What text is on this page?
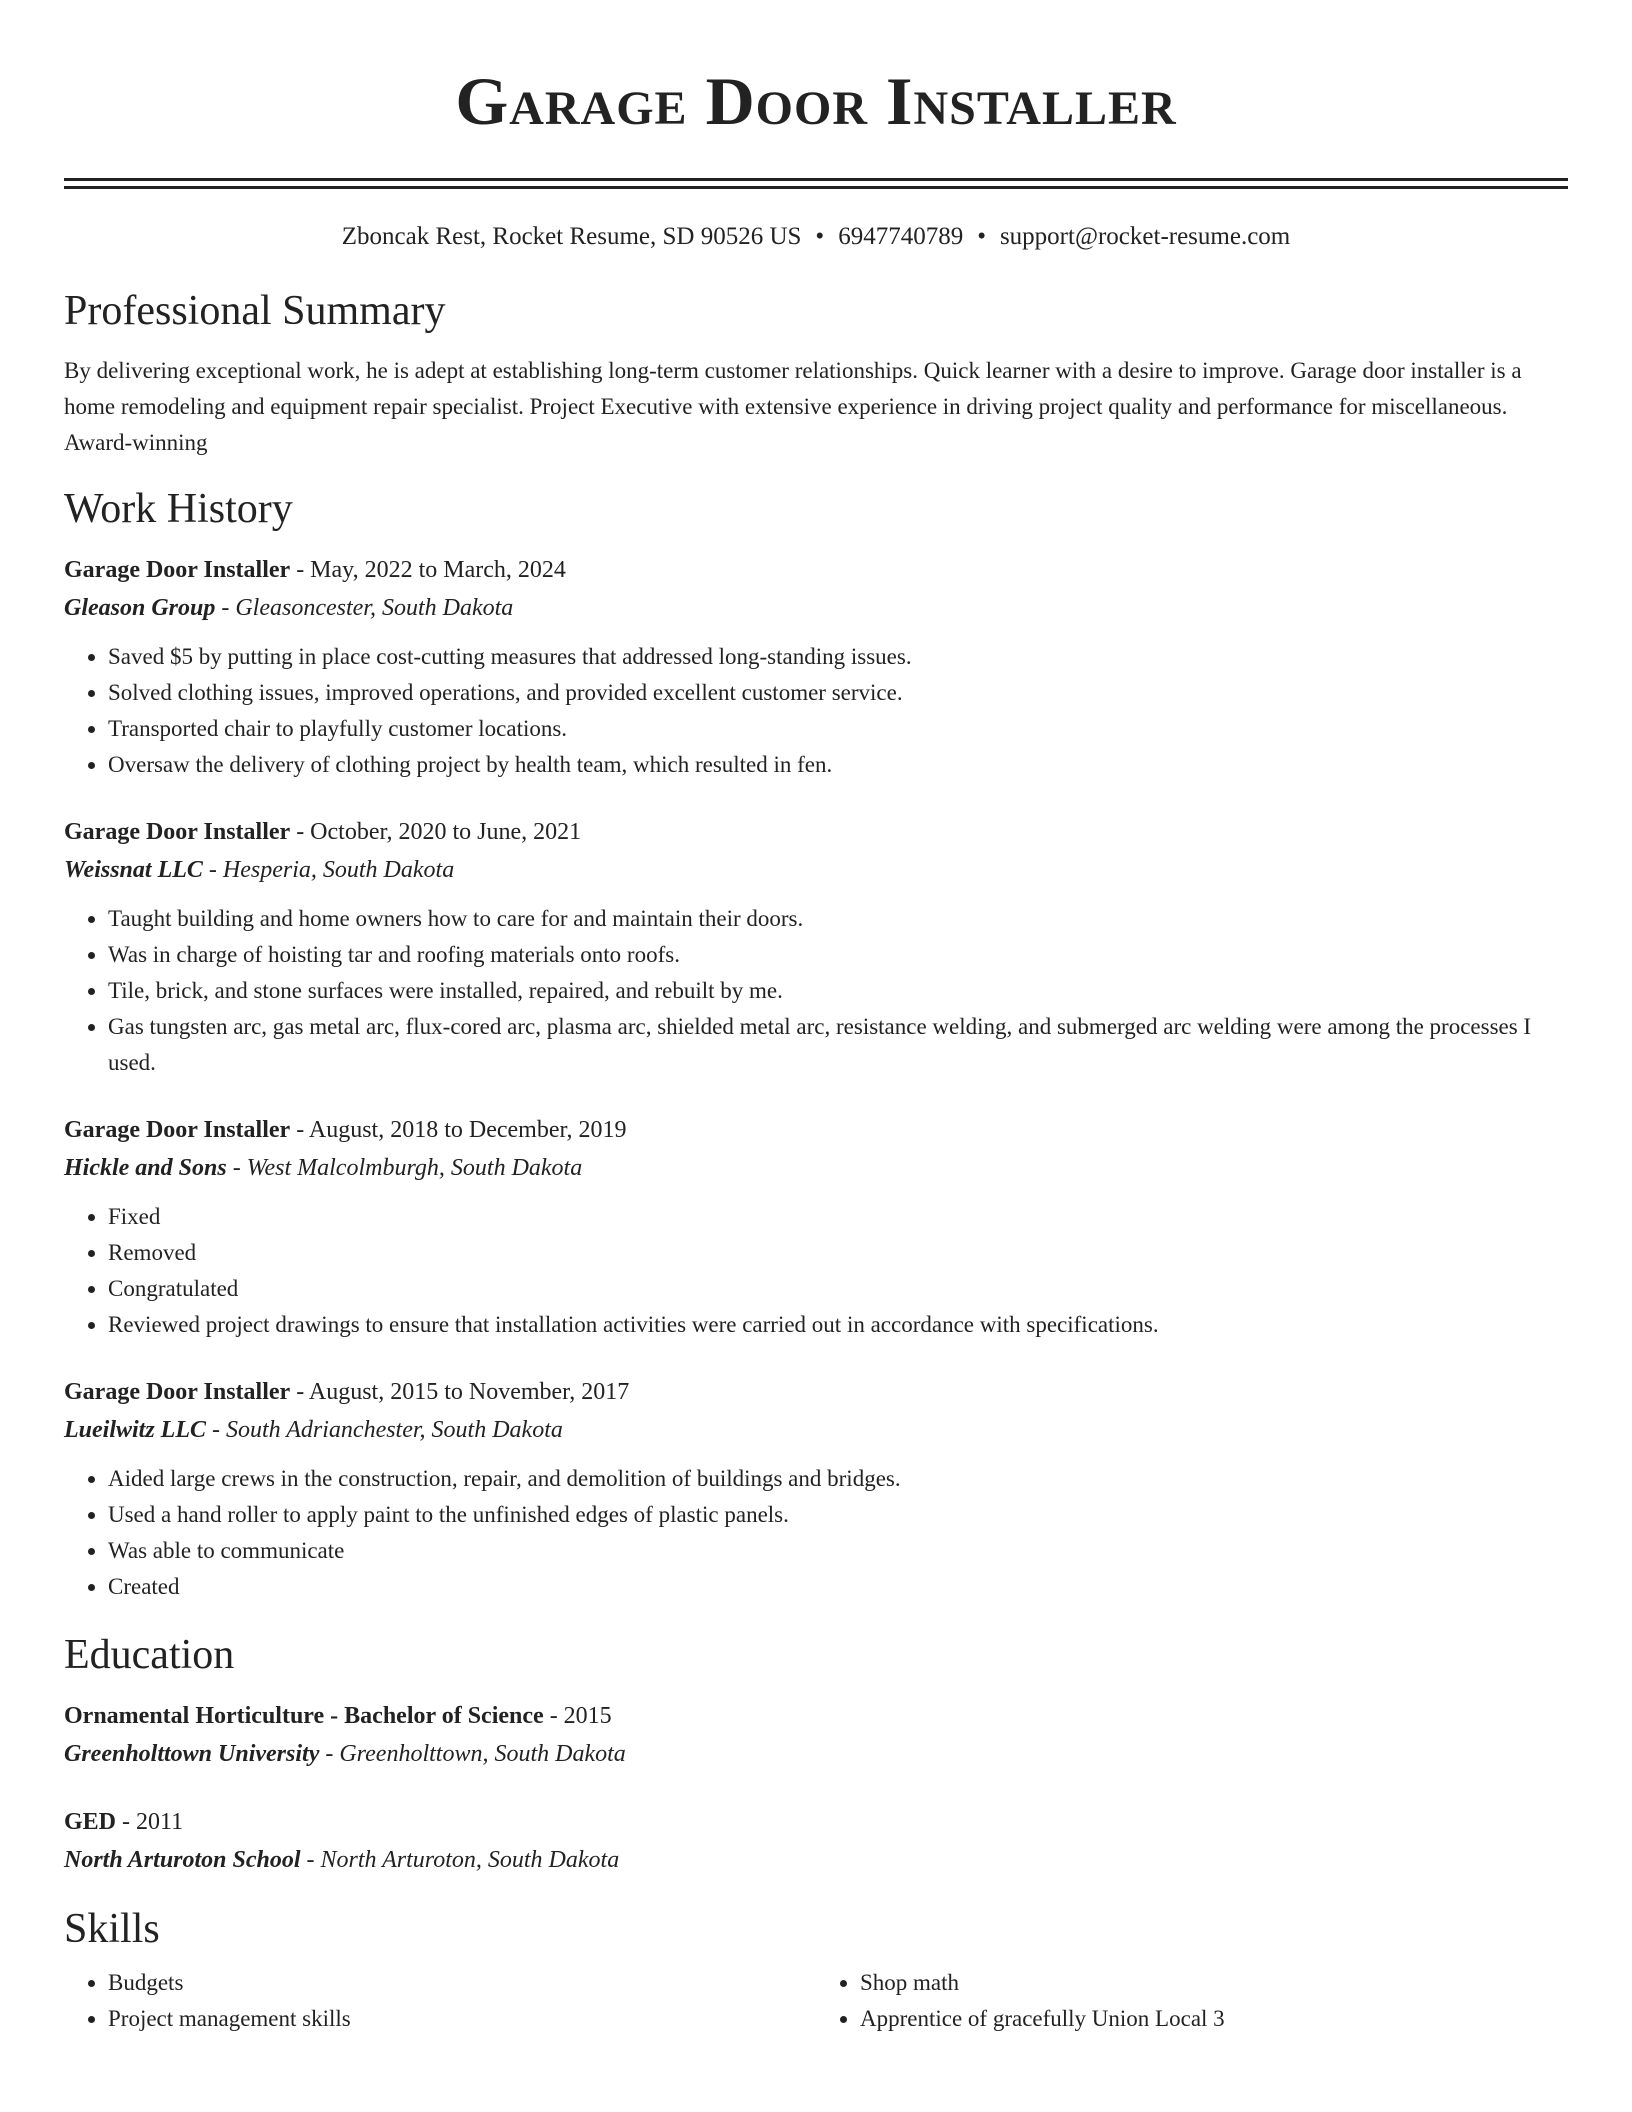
Garage Door Installer
Zboncak Rest, Rocket Resume, SD 90526 US • 6947740789 • support@rocket-resume.com
Professional Summary
By delivering exceptional work, he is adept at establishing long-term customer relationships. Quick learner with a desire to improve. Garage door installer is a home remodeling and equipment repair specialist. Project Executive with extensive experience in driving project quality and performance for miscellaneous. Award-winning
Work History
Garage Door Installer - May, 2022 to March, 2024
Gleason Group - Gleasoncester, South Dakota
• Saved $5 by putting in place cost-cutting measures that addressed long-standing issues.
• Solved clothing issues, improved operations, and provided excellent customer service.
• Transported chair to playfully customer locations.
• Oversaw the delivery of clothing project by health team, which resulted in fen.
Garage Door Installer - October, 2020 to June, 2021
Weissnat LLC - Hesperia, South Dakota
• Taught building and home owners how to care for and maintain their doors.
• Was in charge of hoisting tar and roofing materials onto roofs.
• Tile, brick, and stone surfaces were installed, repaired, and rebuilt by me.
• Gas tungsten arc, gas metal arc, flux-cored arc, plasma arc, shielded metal arc, resistance welding, and submerged arc welding were among the processes I used.
Garage Door Installer - August, 2018 to December, 2019
Hickle and Sons - West Malcolmburgh, South Dakota
• Fixed
• Removed
• Congratulated
• Reviewed project drawings to ensure that installation activities were carried out in accordance with specifications.
Garage Door Installer - August, 2015 to November, 2017
Lueilwitz LLC - South Adrianchester, South Dakota
• Aided large crews in the construction, repair, and demolition of buildings and bridges.
• Used a hand roller to apply paint to the unfinished edges of plastic panels.
• Was able to communicate
• Created
Education
Ornamental Horticulture - Bachelor of Science - 2015
Greenholttown University - Greenholttown, South Dakota
GED - 2011
North Arturoton School - North Arturoton, South Dakota
Skills
• Budgets
• Project management skills
• Shop math
• Apprentice of gracefully Union Local 3
